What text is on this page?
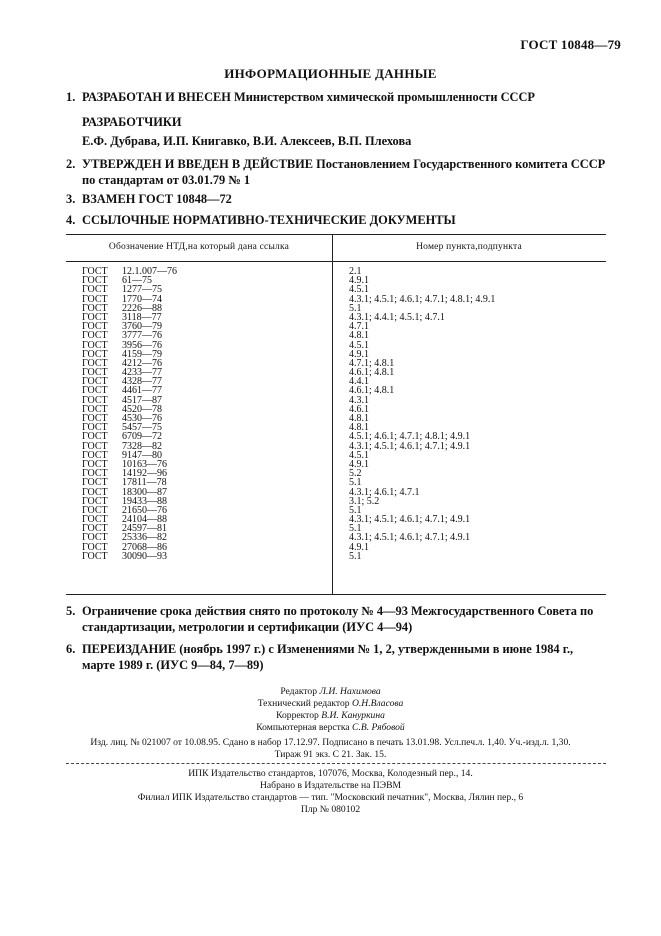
ГОСТ 10848—79
ИНФОРМАЦИОННЫЕ ДАННЫЕ
1. РАЗРАБОТАН И ВНЕСЕН Министерством химической промышленности СССР
РАЗРАБОТЧИКИ
Е.Ф. Дубрава, И.П. Книгавко, В.И. Алексеев, В.П. Плехова
2. УТВЕРЖДЕН И ВВЕДЕН В ДЕЙСТВИЕ Постановлением Государственного комитета СССР по стандартам от 03.01.79 № 1
3. ВЗАМЕН ГОСТ 10848—72
4. ССЫЛОЧНЫЕ НОРМАТИВНО-ТЕХНИЧЕСКИЕ ДОКУМЕНТЫ
Обозначение НТД,на который дана ссылка	Номер пункта,подпункта
ГОСТ 12.1.007—76
ГОСТ 61—75
ГОСТ 1277—75
ГОСТ 1770—74
ГОСТ 2226—88
ГОСТ 3118—77
ГОСТ 3760—79
ГОСТ 3777—76
ГОСТ 3956—76
ГОСТ 4159—79
ГОСТ 4212—76
ГОСТ 4233—77
ГОСТ 4328—77
ГОСТ 4461—77
ГОСТ 4517—87
ГОСТ 4520—78
ГОСТ 4530—76
ГОСТ 5457—75
ГОСТ 6709—72
ГОСТ 7328—82
ГОСТ 9147—80
ГОСТ 10163—76
ГОСТ 14192—96
ГОСТ 17811—78
ГОСТ 18300—87
ГОСТ 19433—88
ГОСТ 21650—76
ГОСТ 24104—88
ГОСТ 24597—81
ГОСТ 25336—82
ГОСТ 27068—86
ГОСТ 30090—93
2.1
4.9.1
4.5.1
4.3.1; 4.5.1; 4.6.1; 4.7.1; 4.8.1; 4.9.1
5.1
4.3.1; 4.4.1; 4.5.1; 4.7.1
4.7.1
4.8.1
4.5.1
4.9.1
4.7.1; 4.8.1
4.6.1; 4.8.1
4.4.1
4.6.1; 4.8.1
4.3.1
4.6.1
4.8.1
4.8.1
4.5.1; 4.6.1; 4.7.1; 4.8.1; 4.9.1
4.3.1; 4.5.1; 4.6.1; 4.7.1; 4.9.1
4.5.1
4.9.1
5.2
5.1
4.3.1; 4.6.1; 4.7.1
3.1; 5.2
5.1
4.3.1; 4.5.1; 4.6.1; 4.7.1; 4.9.1
5.1
4.3.1; 4.5.1; 4.6.1; 4.7.1; 4.9.1
4.9.1
5.1
5. Ограничение срока действия снято по протоколу № 4—93 Межгосударственного Совета по стандартизации, метрологии и сертификации (ИУС 4—94)
6. ПЕРЕИЗДАНИЕ (ноябрь 1997 г.) с Изменениями № 1, 2, утвержденными в июне 1984 г., марте 1989 г. (ИУС 9—84, 7—89)
Редактор Л.И. Нахимова
Технический редактор О.Н.Власова
Корректор В.И. Кануркина
Компьютерная верстка С.В. Рябовой
Изд. лиц. № 021007 от 10.08.95. Сдано в набор 17.12.97. Подписано в печать 13.01.98. Усл.печ.л. 1,40. Уч.-изд.л. 1,30.
Тираж 91 экз. С 21. Зак. 15.
ИПК Издательство стандартов, 107076, Москва, Колодезный пер., 14.
Набрано в Издательстве на ПЭВМ
Филиал ИПК Издательство стандартов — тип. "Московский печатник", Москва, Лялин пер., 6
Плр № 080102
